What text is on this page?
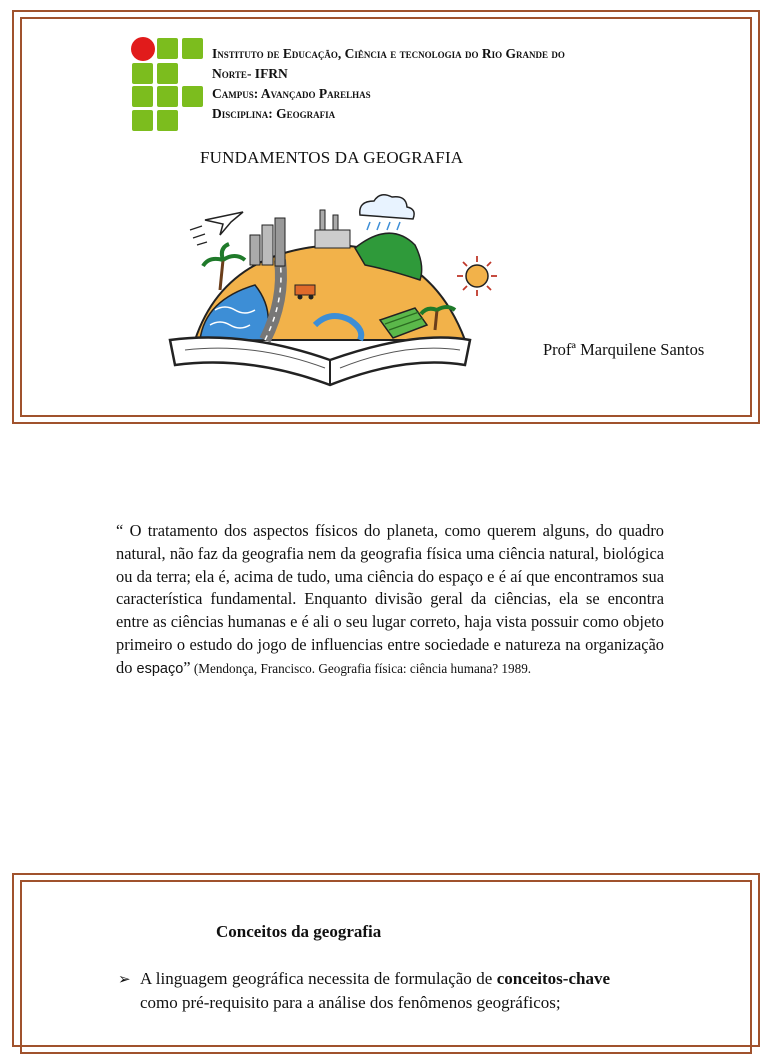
Instituto de Educação, Ciência e tecnologia do Rio Grande do
Norte- IFRN
Campus: Avançado Parelhas
Disciplina: Geografia
FUNDAMENTOS DA GEOGRAFIA
Profª Marquilene Santos
“ O tratamento dos aspectos físicos do planeta, como querem alguns, do quadro natural, não faz da geografia nem da geografia física uma ciência natural, biológica ou da terra; ela é, acima de tudo, uma ciência do espaço e é aí que encontramos sua característica fundamental. Enquanto divisão geral da ciências, ela se encontra entre as ciências humanas e é ali o seu lugar correto, haja vista possuir como objeto primeiro o estudo do jogo de influencias entre sociedade e natureza na organização do espaço” (Mendonça, Francisco. Geografia física: ciência humana? 1989.
Conceitos da geografia
➢ A linguagem geográfica necessita de formulação de conceitos-chave como pré-requisito para a análise dos fenômenos geográficos;
